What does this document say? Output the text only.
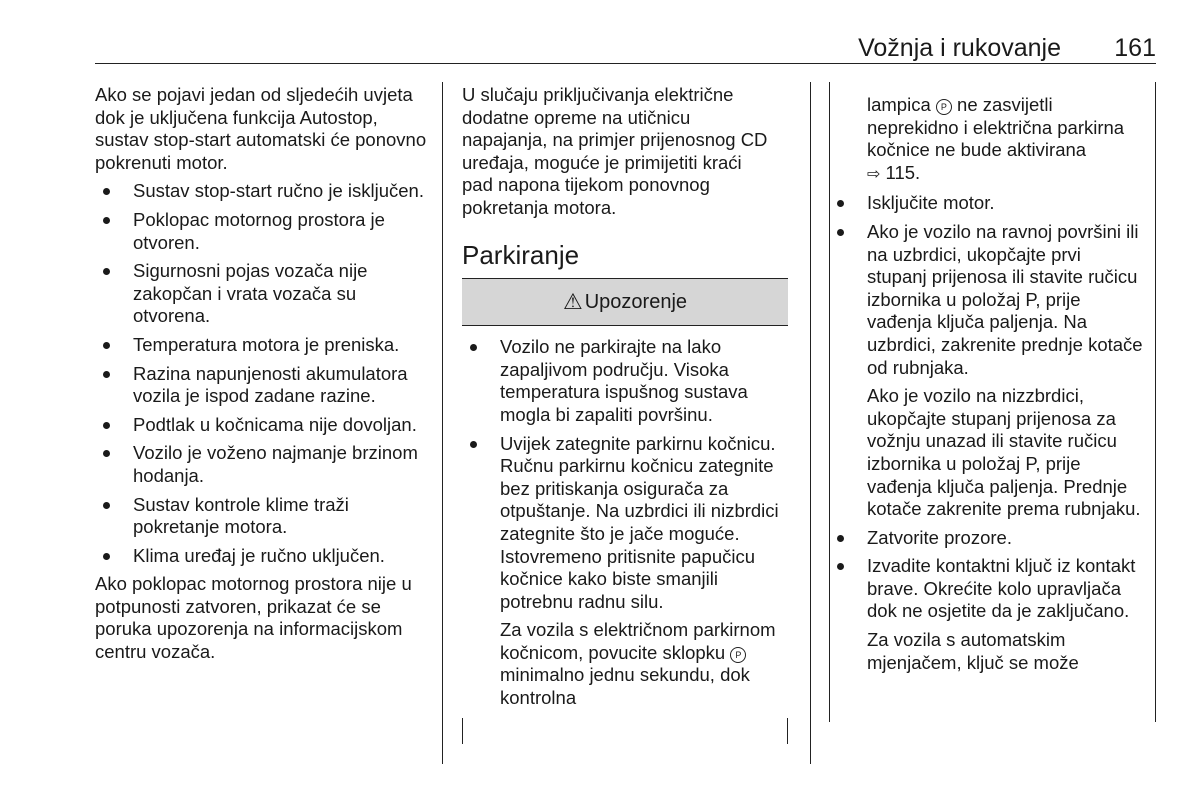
Vožnja i rukovanje 161

Ako se pojavi jedan od sljedećih uvjeta dok je uključena funkcija Autostop, sustav stop-start automatski će ponovno pokrenuti motor.

Sustav stop-start ručno je isključen.
Poklopac motornog prostora je otvoren.
Sigurnosni pojas vozača nije zakopčan i vrata vozača su otvorena.
Temperatura motora je preniska.
Razina napunjenosti akumulatora vozila je ispod zadane razine.
Podtlak u kočnicama nije dovoljan.
Vozilo je voženo najmanje brzinom hodanja.
Sustav kontrole klime traži pokretanje motora.
Klima uređaj je ručno uključen.

Ako poklopac motornog prostora nije u potpunosti zatvoren, prikazat će se poruka upozorenja na informacijskom centru vozača.

U slučaju priključivanja električne dodatne opreme na utičnicu napajanja, na primjer prijenosnog CD uređaja, moguće je primijetiti kraći pad napona tijekom ponovnog pokretanja motora.

Parkiranje
⚠ Upozorenje
Vozilo ne parkirajte na lako zapaljivom području. Visoka temperatura ispušnog sustava mogla bi zapaliti površinu.
Uvijek zategnite parkirnu kočnicu. Ručnu parkirnu kočnicu zategnite bez pritiskanja osigurača za otpuštanje. Na uzbrdici ili nizbrdici zategnite što je jače moguće. Istovremeno pritisnite papučicu kočnice kako biste smanjili potrebnu radnu silu.

Za vozila s električnom parkirnom kočnicom, povucite sklopku P minimalno jednu sekundu, dok kontrolna

lampica P ne zasvijetli neprekidno i električna parkirna kočnice ne bude aktivirana
⇨ 115.

Isključite motor.
Ako je vozilo na ravnoj površini ili na uzbrdici, ukopčajte prvi stupanj prijenosa ili stavite ručicu izbornika u položaj P, prije vađenja ključa paljenja. Na uzbrdici, zakrenite prednje kotače od rubnjaka.

Ako je vozilo na nizzbrdici, ukopčajte stupanj prijenosa za vožnju unazad ili stavite ručicu izbornika u položaj P, prije vađenja ključa paljenja. Prednje kotače zakrenite prema rubnjaku.

Zatvorite prozore.
Izvadite kontaktni ključ iz kontakt brave. Okrećite kolo upravljača dok ne osjetite da je zaključano.

Za vozila s automatskim mjenjačem, ključ se može
